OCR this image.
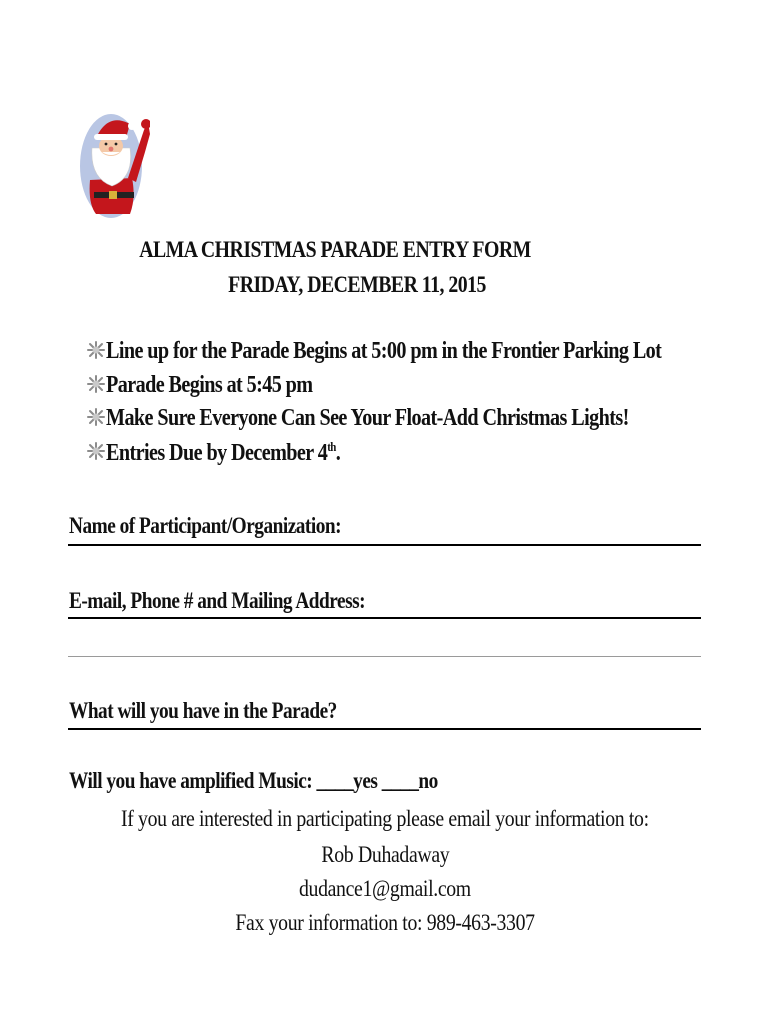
ALMA CHRISTMAS PARADE ENTRY FORM
FRIDAY, DECEMBER 11, 2015
Line up for the Parade Begins at 5:00 pm in the Frontier Parking Lot
Parade Begins at 5:45 pm
Make Sure Everyone Can See Your Float-Add Christmas Lights!
Entries Due by December 4th.
Name of Participant/Organization:
E-mail, Phone # and Mailing Address:
What will you have in the Parade?
Will you have amplified Music: ____yes ____no
If you are interested in participating please email your information to:
Rob Duhadaway
dudance1@gmail.com
Fax your information to: 989-463-3307
